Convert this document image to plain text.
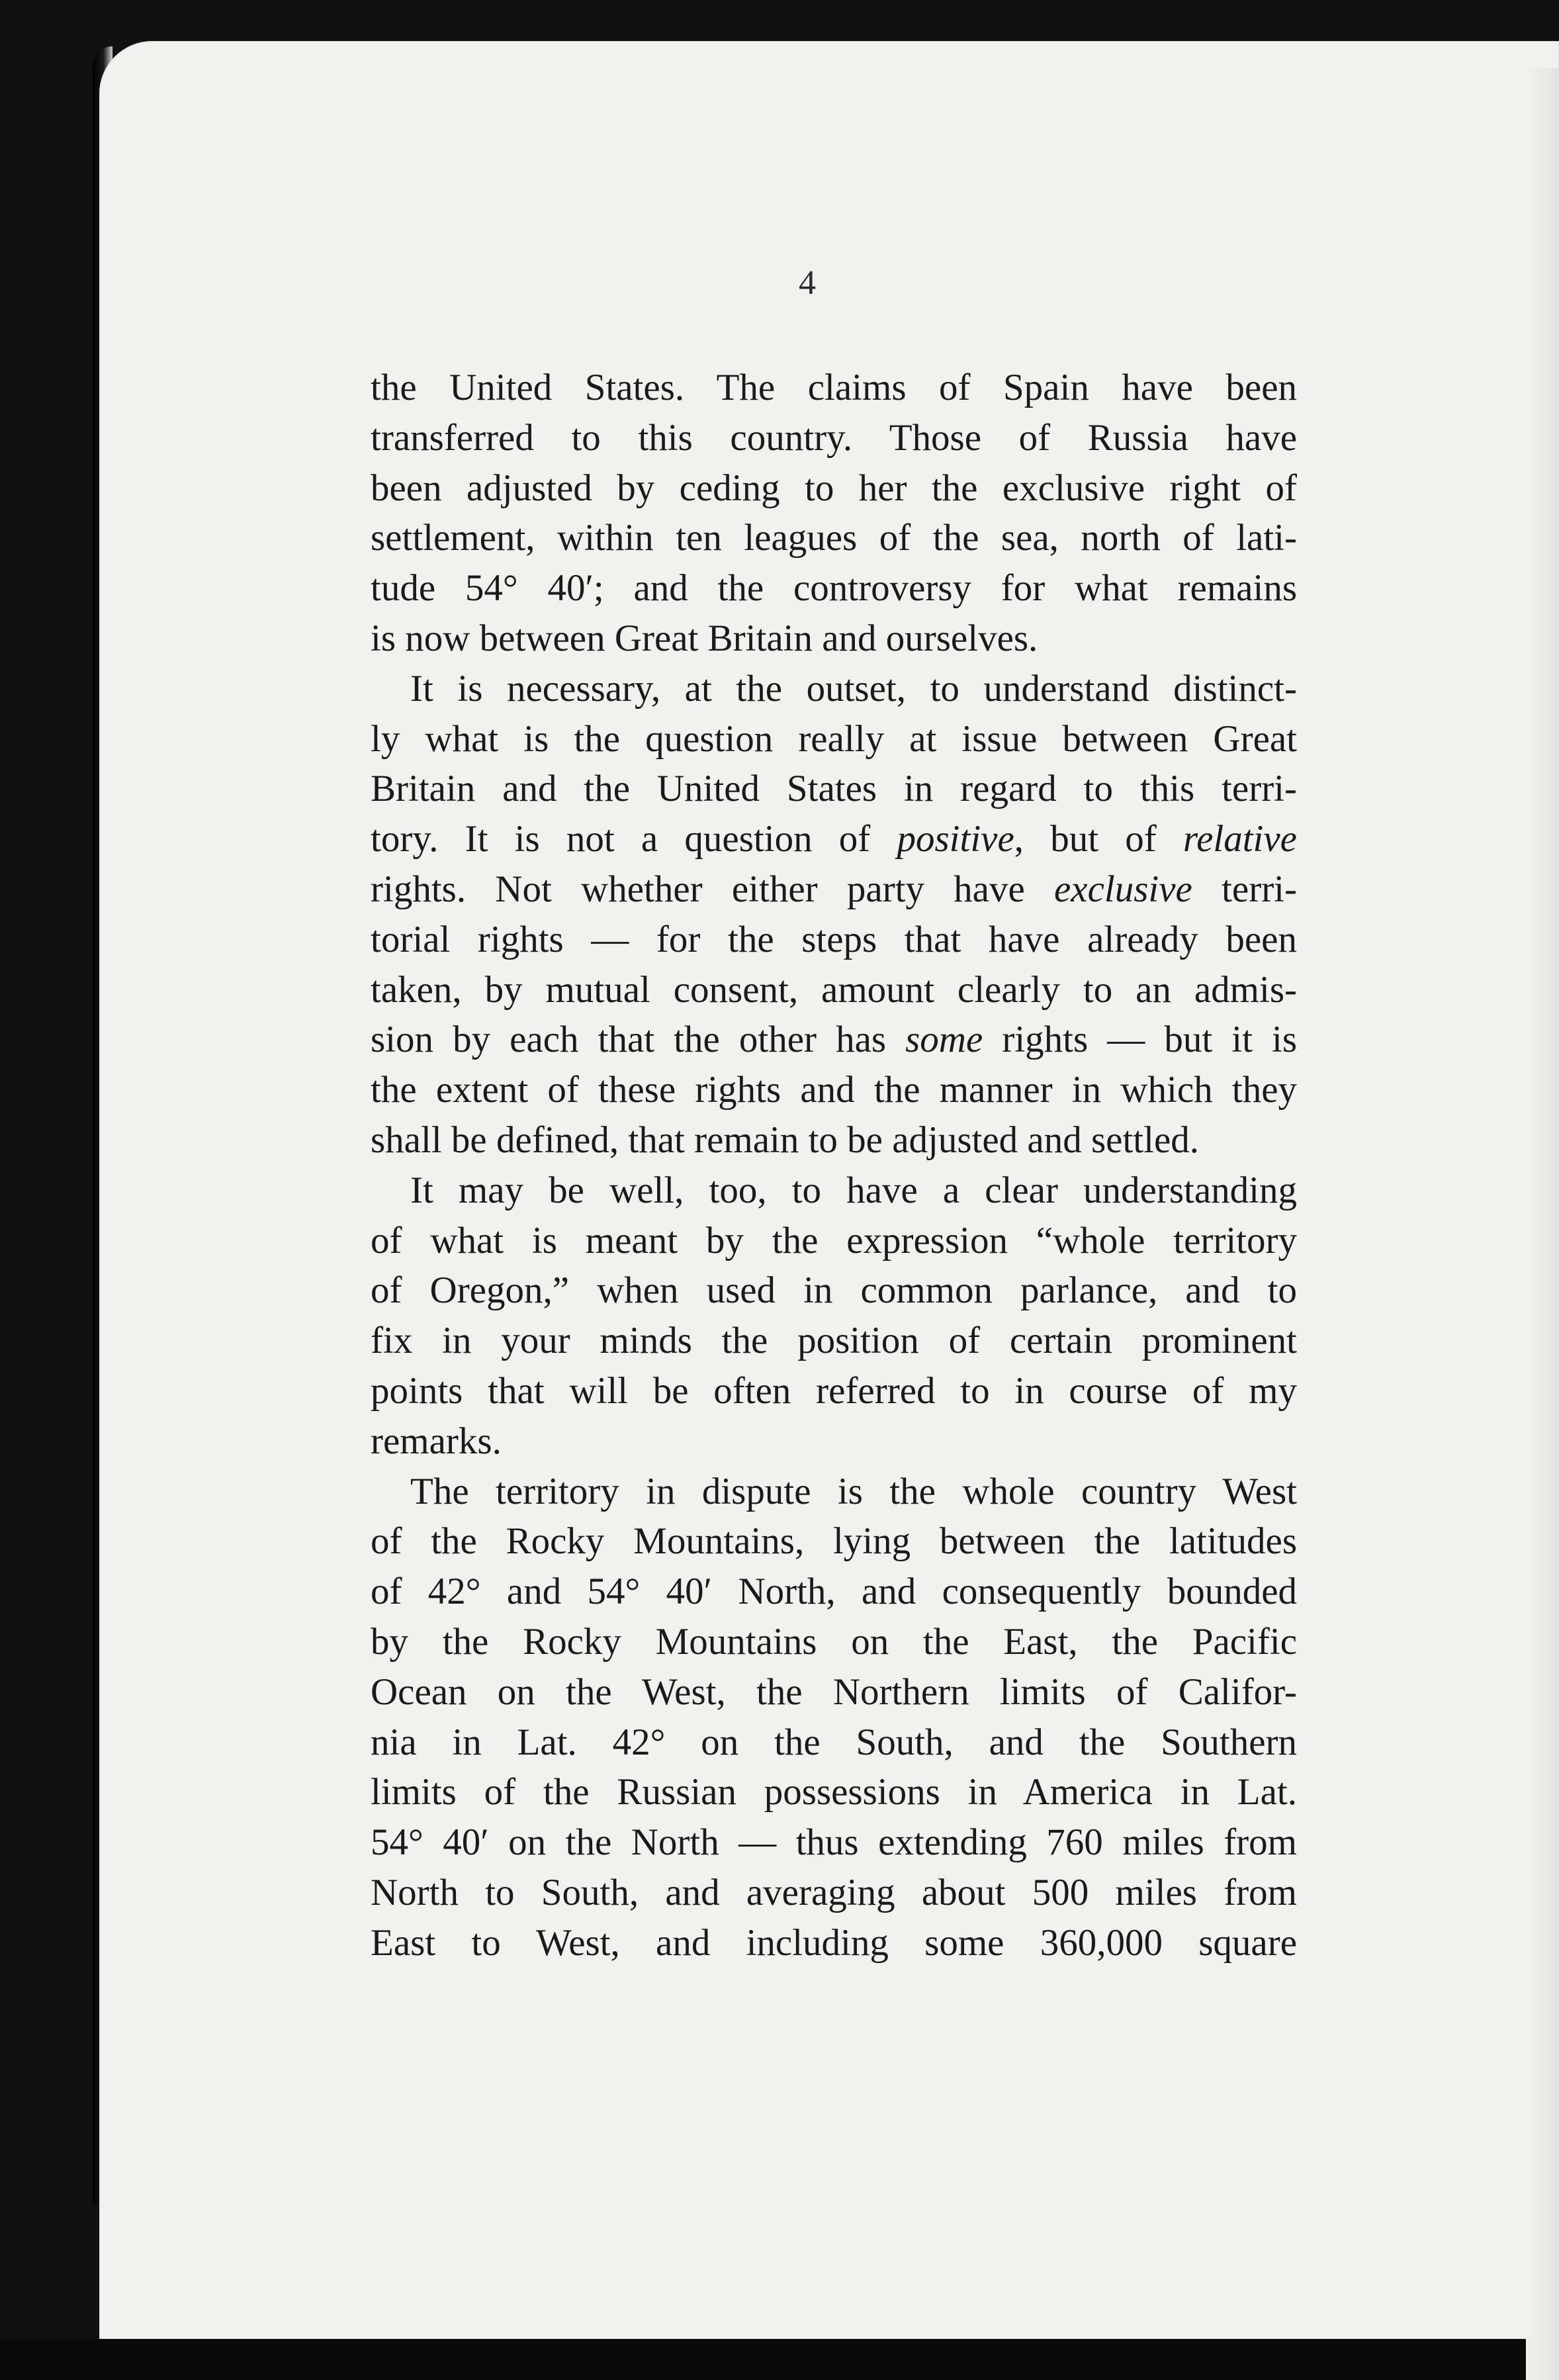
4
the United States. The claims of Spain have been
transferred to this country. Those of Russia have
been adjusted by ceding to her the exclusive right of
settlement, within ten leagues of the sea, north of lati-
tude 54° 40′; and the controversy for what remains
is now between Great Britain and ourselves.
It is necessary, at the outset, to understand distinct-
ly what is the question really at issue between Great
Britain and the United States in regard to this terri-
tory. It is not a question of positive, but of relative
rights. Not whether either party have exclusive terri-
torial rights — for the steps that have already been
taken, by mutual consent, amount clearly to an admis-
sion by each that the other has some rights — but it is
the extent of these rights and the manner in which they
shall be defined, that remain to be adjusted and settled.
It may be well, too, to have a clear understanding
of what is meant by the expression “whole territory
of Oregon,” when used in common parlance, and to
fix in your minds the position of certain prominent
points that will be often referred to in course of my
remarks.
The territory in dispute is the whole country West
of the Rocky Mountains, lying between the latitudes
of 42° and 54° 40′ North, and consequently bounded
by the Rocky Mountains on the East, the Pacific
Ocean on the West, the Northern limits of Califor-
nia in Lat. 42° on the South, and the Southern
limits of the Russian possessions in America in Lat.
54° 40′ on the North — thus extending 760 miles from
North to South, and averaging about 500 miles from
East to West, and including some 360,000 square
